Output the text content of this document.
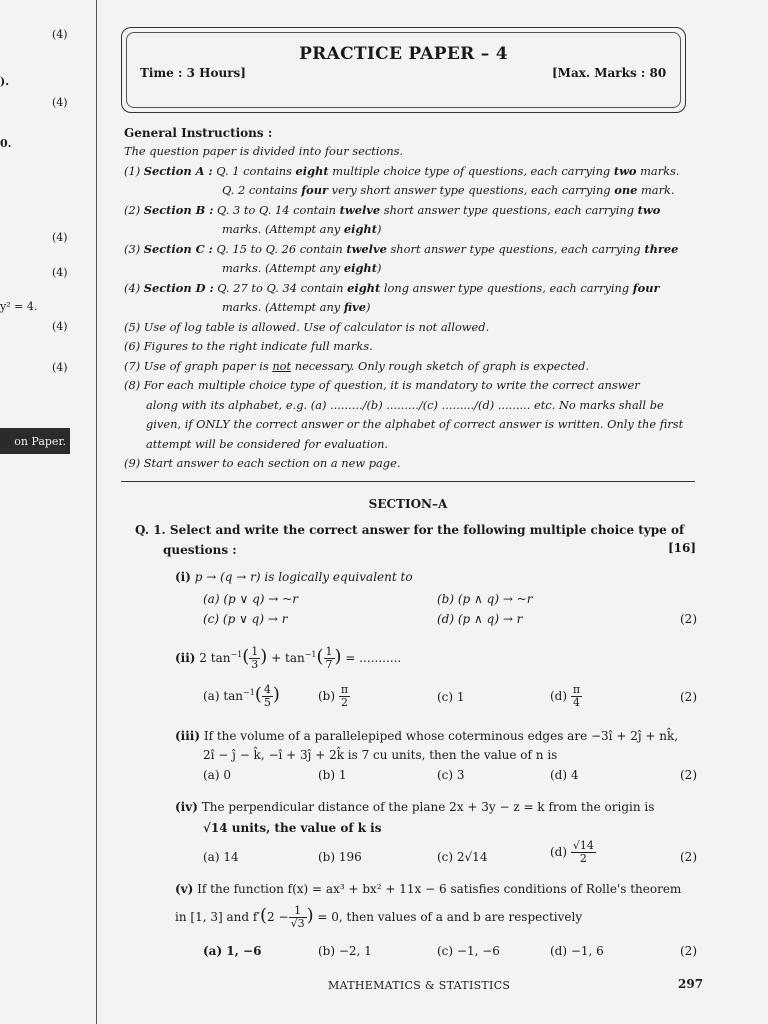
(4)
(4)
(4)
(4)
(4)
(4)
).
0.
y² = 4.
on Paper.
PRACTICE PAPER – 4
Time : 3 Hours]	[Max. Marks : 80
General Instructions :
The question paper is divided into four sections.
(1) Section A : Q. 1 contains eight multiple choice type of questions, each carrying two marks.
Q. 2 contains four very short answer type questions, each carrying one mark.
(2) Section B : Q. 3 to Q. 14 contain twelve short answer type questions, each carrying two
marks. (Attempt any eight)
(3) Section C : Q. 15 to Q. 26 contain twelve short answer type questions, each carrying three
marks. (Attempt any eight)
(4) Section D : Q. 27 to Q. 34 contain eight long answer type questions, each carrying four
marks. (Attempt any five)
(5) Use of log table is allowed. Use of calculator is not allowed.
(6) Figures to the right indicate full marks.
(7) Use of graph paper is not necessary. Only rough sketch of graph is expected.
(8) For each multiple choice type of question, it is mandatory to write the correct answer
along with its alphabet, e.g. (a) ........./(b) ........./(c) ........./(d) ......... etc. No marks shall be
given, if ONLY the correct answer or the alphabet of correct answer is written. Only the first
attempt will be considered for evaluation.
(9) Start answer to each section on a new page.
SECTION–A
Q. 1. Select and write the correct answer for the following multiple choice type of
questions :	[16]
(i) p → (q → r) is logically equivalent to
(a) (p ∨ q) → ~r	(b) (p ∧ q) → ~r
(c) (p ∨ q) → r	(d) (p ∧ q) → r	(2)
(ii) 2 $\tan^{-1}( \frac{1}{3}$ ) + $\tan^{-1}( \frac{1}{7}$ ) = ...........
(a) $\tan^{-1}( \frac{4}{5}$ )	$(b) \frac{\pi}{2}$	(c) 1	$(d) \frac{\pi}{4}$	(2)
(iii) If the volume of a parallelepiped whose coterminous edges are −3î + 2ĵ + nk̂,
2î − ĵ − k̂, −î + 3ĵ + 2k̂ is 7 cu units, then the value of n is
(a) 0	(b) 1	(c) 3	(d) 4	(2)
(iv) The perpendicular distance of the plane 2x + 3y − z = k from the origin is
√14 units, the value of k is
(a) 14	(b) 196	(c) 2√14	$(d) \frac{√14}{2}$	(2)
(v) If the function f(x) = ax³ + bx² + 11x − 6 satisfies conditions of Rolle's theorem
in [1, 3] and $f'(2 - \frac{1}{√3}$ ) = 0, then values of a and b are respectively
(a) 1, −6	(b) −2, 1	(c) −1, −6	(d) −1, 6	(2)
MATHEMATICS & STATISTICS	297
